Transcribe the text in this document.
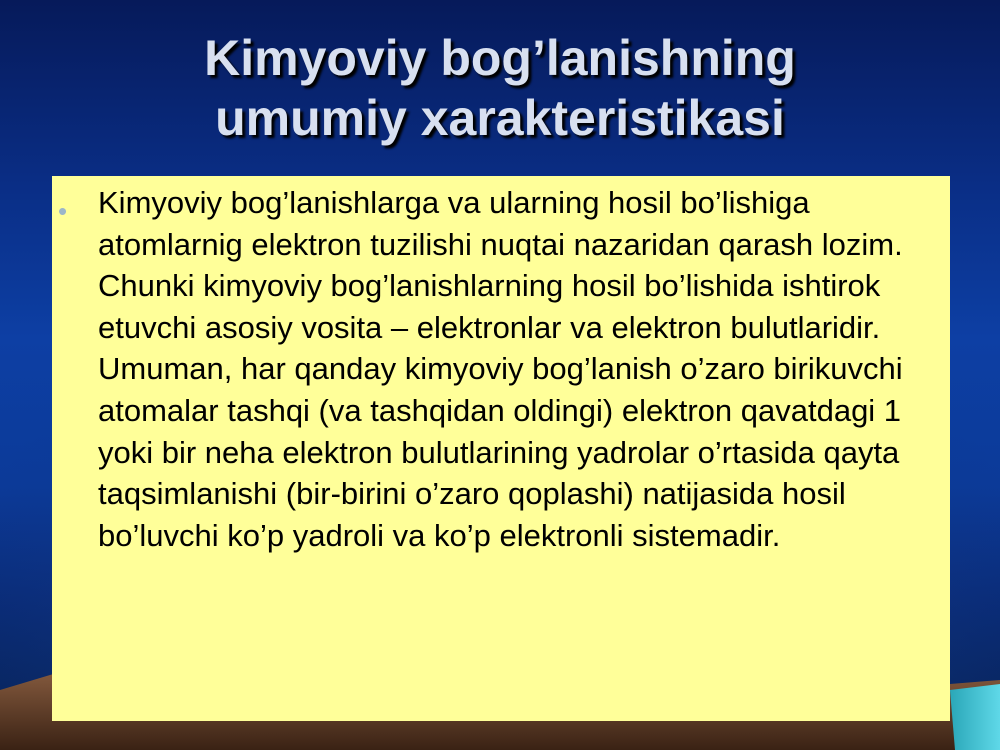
Kimyoviy bog’lanishning
umumiy xarakteristikasi
• Kimyoviy bog’lanishlarga va ularning hosil bo’lishiga atomlarnig elektron tuzilishi nuqtai nazaridan qarash lozim. Chunki kimyoviy bog’lanishlarning hosil bo’lishida ishtirok etuvchi asosiy vosita – elektronlar va elektron bulutlaridir. Umuman, har qanday kimyoviy bog’lanish o’zaro birikuvchi atomalar tashqi (va tashqidan oldingi) elektron qavatdagi 1 yoki bir neha elektron bulutlarining yadrolar o’rtasida qayta taqsimlanishi (bir-birini o’zaro qoplashi) natijasida hosil bo’luvchi ko’p yadroli va ko’p elektronli sistemadir.
